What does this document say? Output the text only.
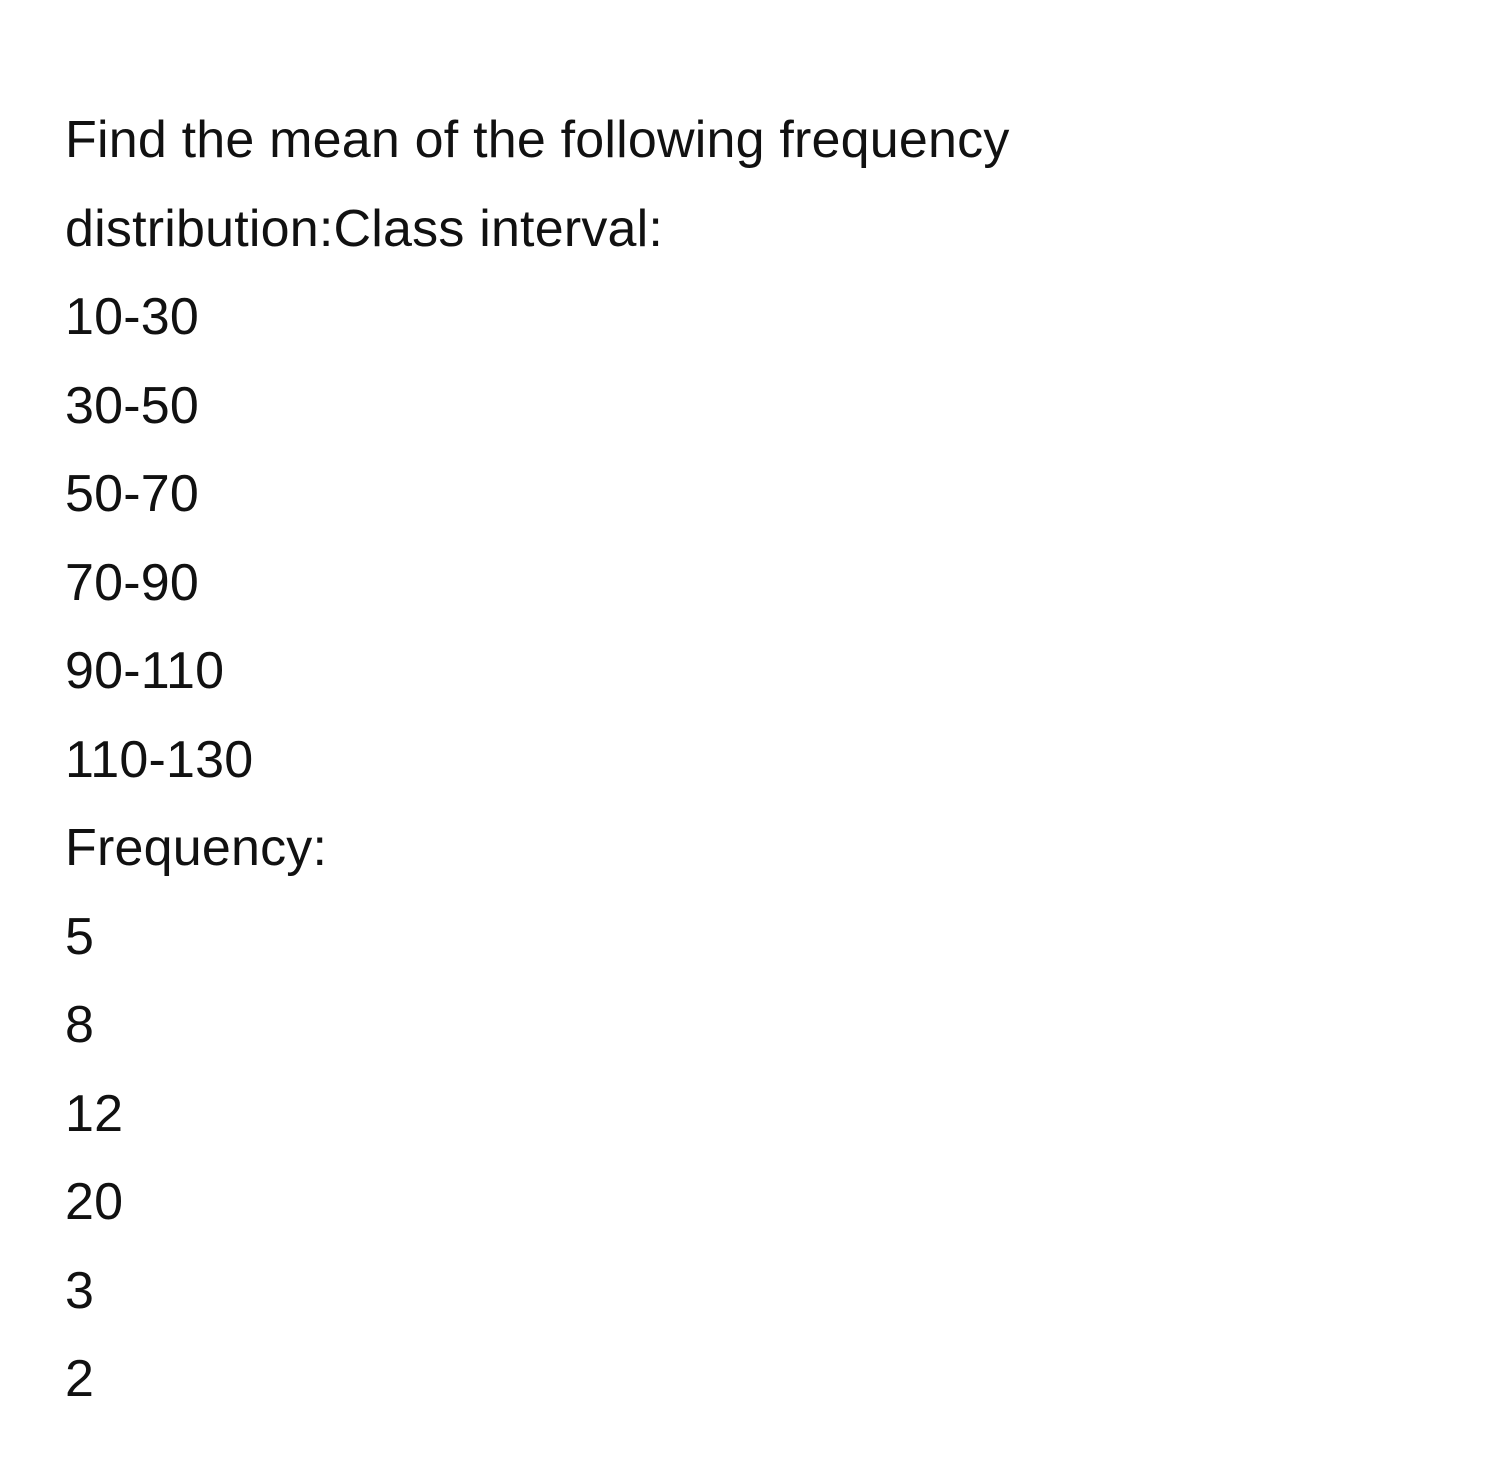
Find the mean of the following frequency
distribution:Class interval:
10-30
30-50
50-70
70-90
90-110
110-130
Frequency:
5
8
12
20
3
2
